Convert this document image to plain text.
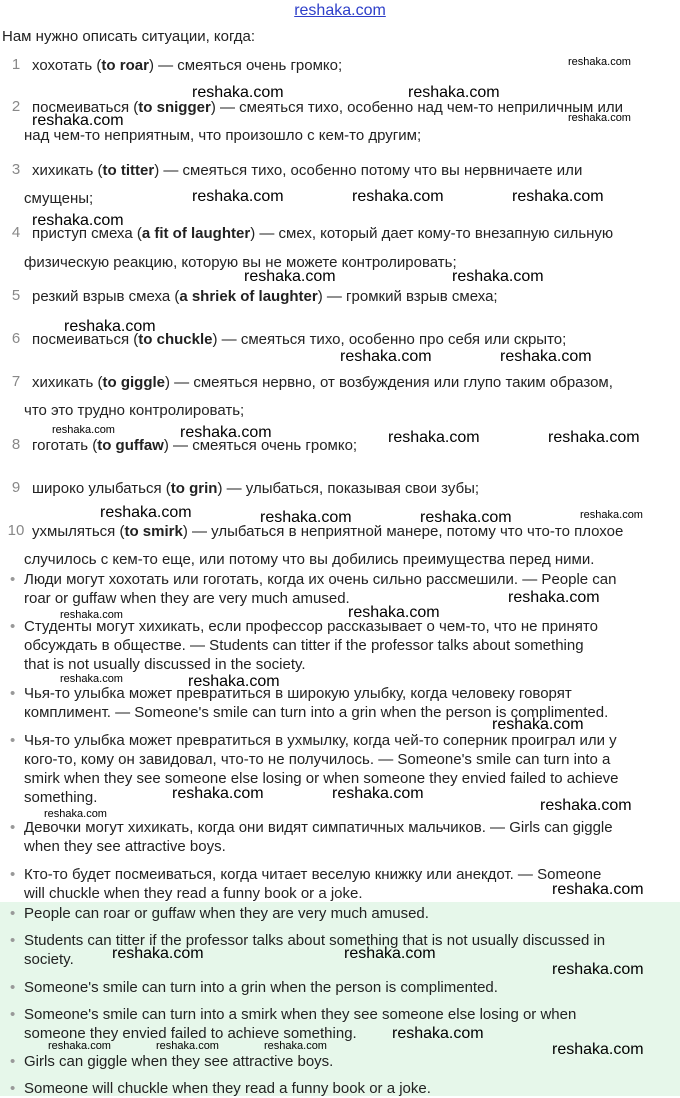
reshaka.com
Нам нужно описать ситуации, когда:
1 хохотать (to roar) — смеяться очень громко;
2 посмеиваться (to snigger) — смеяться тихо, особенно над чем-то неприличным или
над чем-то неприятным, что произошло с кем-то другим;
3 хихикать (to titter) — смеяться тихо, особенно потому что вы нервничаете или
смущены;
4 приступ смеха (a fit of laughter) — смех, который дает кому-то внезапную сильную
физическую реакцию, которую вы не можете контролировать;
5 резкий взрыв смеха (a shriek of laughter) — громкий взрыв смеха;
6 посмеиваться (to chuckle) — смеяться тихо, особенно про себя или скрыто;
7 хихикать (to giggle) — смеяться нервно, от возбуждения или глупо таким образом,
что это трудно контролировать;
8 гоготать (to guffaw) — смеяться очень громко;
9 широко улыбаться (to grin) — улыбаться, показывая свои зубы;
10 ухмыляться (to smirk) — улыбаться в неприятной манере, потому что что-то плохое
случилось с кем-то еще, или потому что вы добились преимущества перед ними.
• Люди могут хохотать или гоготать, когда их очень сильно рассмешили. — People can
roar or guffaw when they are very much amused.
• Студенты могут хихикать, если профессор рассказывает о чем-то, что не принято
обсуждать в обществе. — Students can titter if the professor talks about something
that is not usually discussed in the society.
• Чья-то улыбка может превратиться в широкую улыбку, когда человеку говорят
комплимент. — Someone's smile can turn into a grin when the person is complimented.
• Чья-то улыбка может превратиться в ухмылку, когда чей-то соперник проиграл или у
кого-то, кому он завидовал, что-то не получилось. — Someone's smile can turn into a
smirk when they see someone else losing or when someone they envied failed to achieve
something.
• Девочки могут хихикать, когда они видят симпатичных мальчиков. — Girls can giggle
when they see attractive boys.
• Кто-то будет посмеиваться, когда читает веселую книжку или анекдот. — Someone
will chuckle when they read a funny book or a joke.
• People can roar or guffaw when they are very much amused.
• Students can titter if the professor talks about something that is not usually discussed in
society.
• Someone's smile can turn into a grin when the person is complimented.
• Someone's smile can turn into a smirk when they see someone else losing or when
someone they envied failed to achieve something.
• Girls can giggle when they see attractive boys.
• Someone will chuckle when they read a funny book or a joke.
reshaka.com
reshaka.com	reshaka.com
reshaka.com	reshaka.com
reshaka.com	reshaka.com	reshaka.com
reshaka.com
reshaka.com	reshaka.com
reshaka.com
reshaka.com	reshaka.com
reshaka.com	reshaka.com	reshaka.com	reshaka.com
reshaka.com	reshaka.com	reshaka.com	reshaka.com
reshaka.com
reshaka.com	reshaka.com
reshaka.com	reshaka.com
reshaka.com
reshaka.com	reshaka.com
reshaka.com
reshaka.com
reshaka.com
reshaka.com	reshaka.com
reshaka.com
reshaka.com
reshaka.com	reshaka.com	reshaka.com	reshaka.com
